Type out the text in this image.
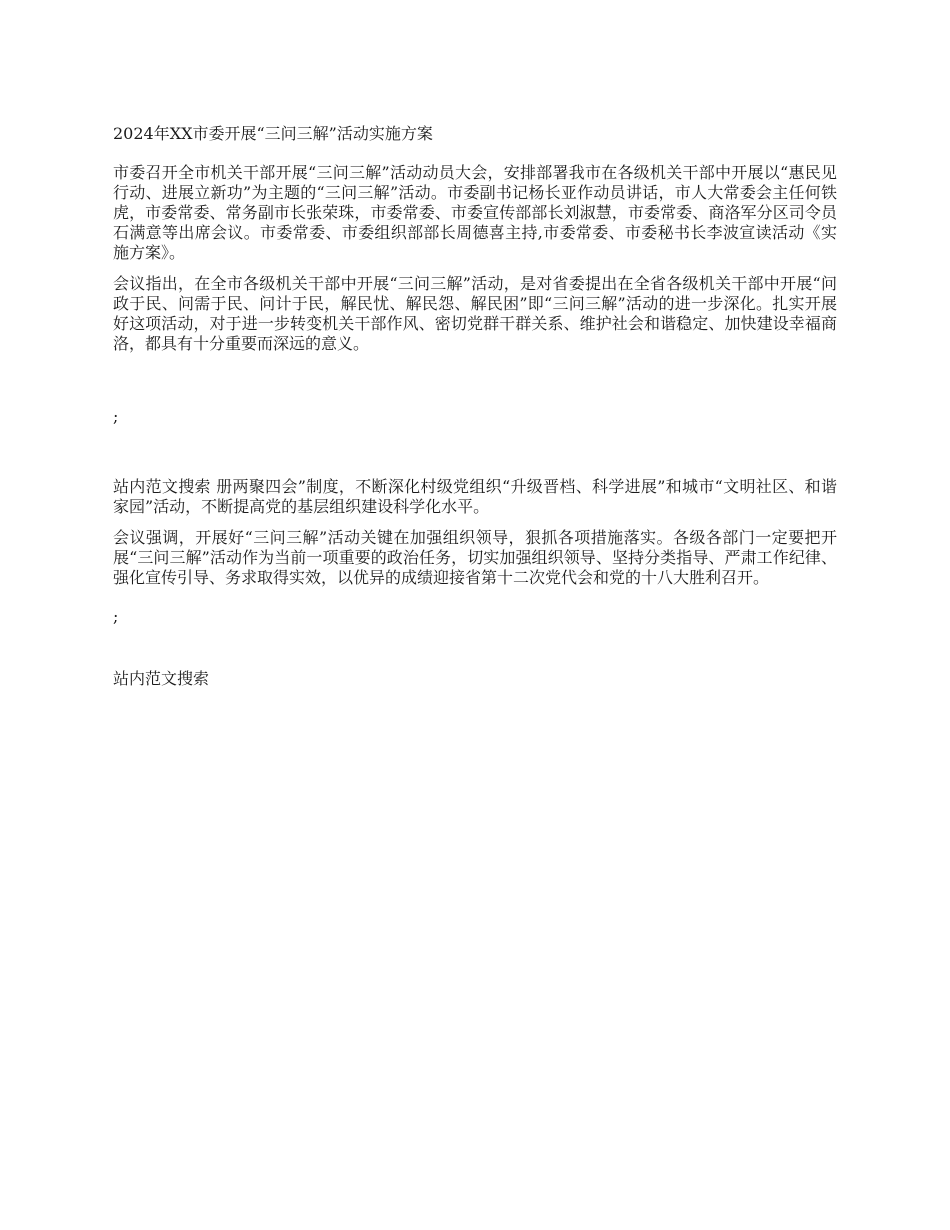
2024年XX市委开展“三问三解”活动实施方案

市委召开全市机关干部开展“三问三解”活动动员大会，安排部署我市在各级机关干部中开展以“惠民见行动、进展立新功”为主题的“三问三解”活动。市委副书记杨长亚作动员讲话，市人大常委会主任何铁虎，市委常委、常务副市长张荣珠，市委常委、市委宣传部部长刘淑慧，市委常委、商洛军分区司令员石满意等出席会议。市委常委、市委组织部部长周德喜主持,市委常委、市委秘书长李波宣读活动《实施方案》。

会议指出，在全市各级机关干部中开展“三问三解”活动，是对省委提出在全省各级机关干部中开展“问政于民、问需于民、问计于民，解民忧、解民怨、解民困”即“三问三解”活动的进一步深化。扎实开展好这项活动，对于进一步转变机关干部作风、密切党群干群关系、维护社会和谐稳定、加快建设幸福商洛，都具有十分重要而深远的意义。

;

站内范文搜索 册两聚四会”制度，不断深化村级党组织“升级晋档、科学进展”和城市“文明社区、和谐家园”活动，不断提高党的基层组织建设科学化水平。

会议强调，开展好“三问三解”活动关键在加强组织领导，狠抓各项措施落实。各级各部门一定要把开展“三问三解”活动作为当前一项重要的政治任务，切实加强组织领导、坚持分类指导、严肃工作纪律、强化宣传引导、务求取得实效，以优异的成绩迎接省第十二次党代会和党的十八大胜利召开。

;

站内范文搜索
